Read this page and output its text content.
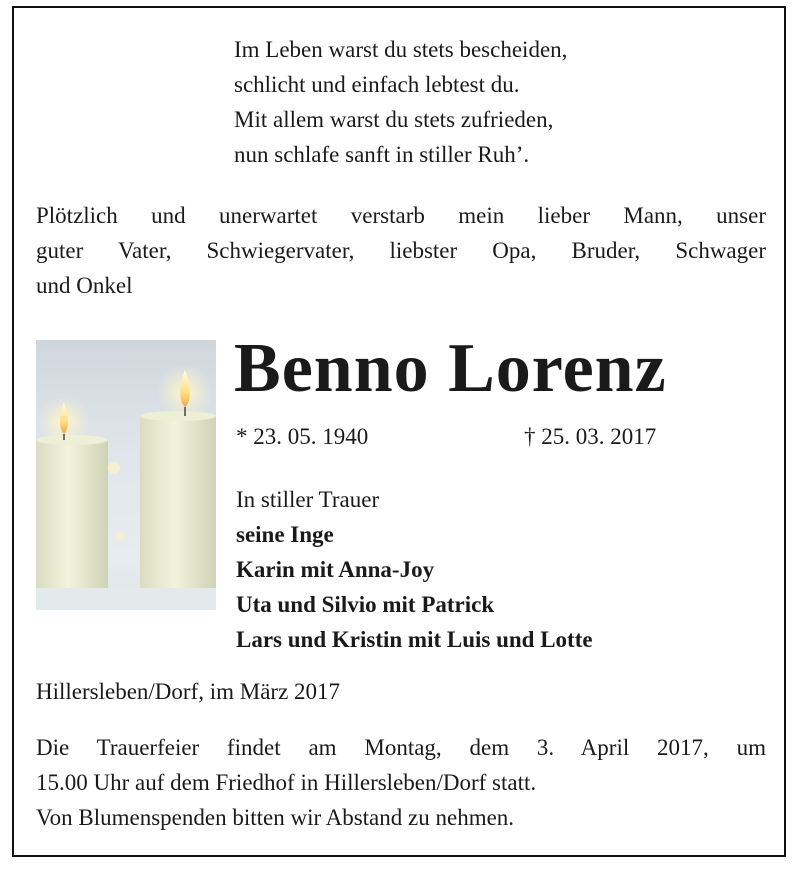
Im Leben warst du stets bescheiden,
schlicht und einfach lebtest du.
Mit allem warst du stets zufrieden,
nun schlafe sanft in stiller Ruh’.
Plötzlich und unerwartet verstarb mein lieber Mann, unser
guter Vater, Schwiegervater, liebster Opa, Bruder, Schwager
und Onkel
Benno Lorenz
* 23. 05. 1940	† 25. 03. 2017
In stiller Trauer
seine Inge
Karin mit Anna-Joy
Uta und Silvio mit Patrick
Lars und Kristin mit Luis und Lotte
Hillersleben/Dorf, im März 2017
Die Trauerfeier findet am Montag, dem 3. April 2017, um
15.00 Uhr auf dem Friedhof in Hillersleben/Dorf statt.
Von Blumenspenden bitten wir Abstand zu nehmen.
